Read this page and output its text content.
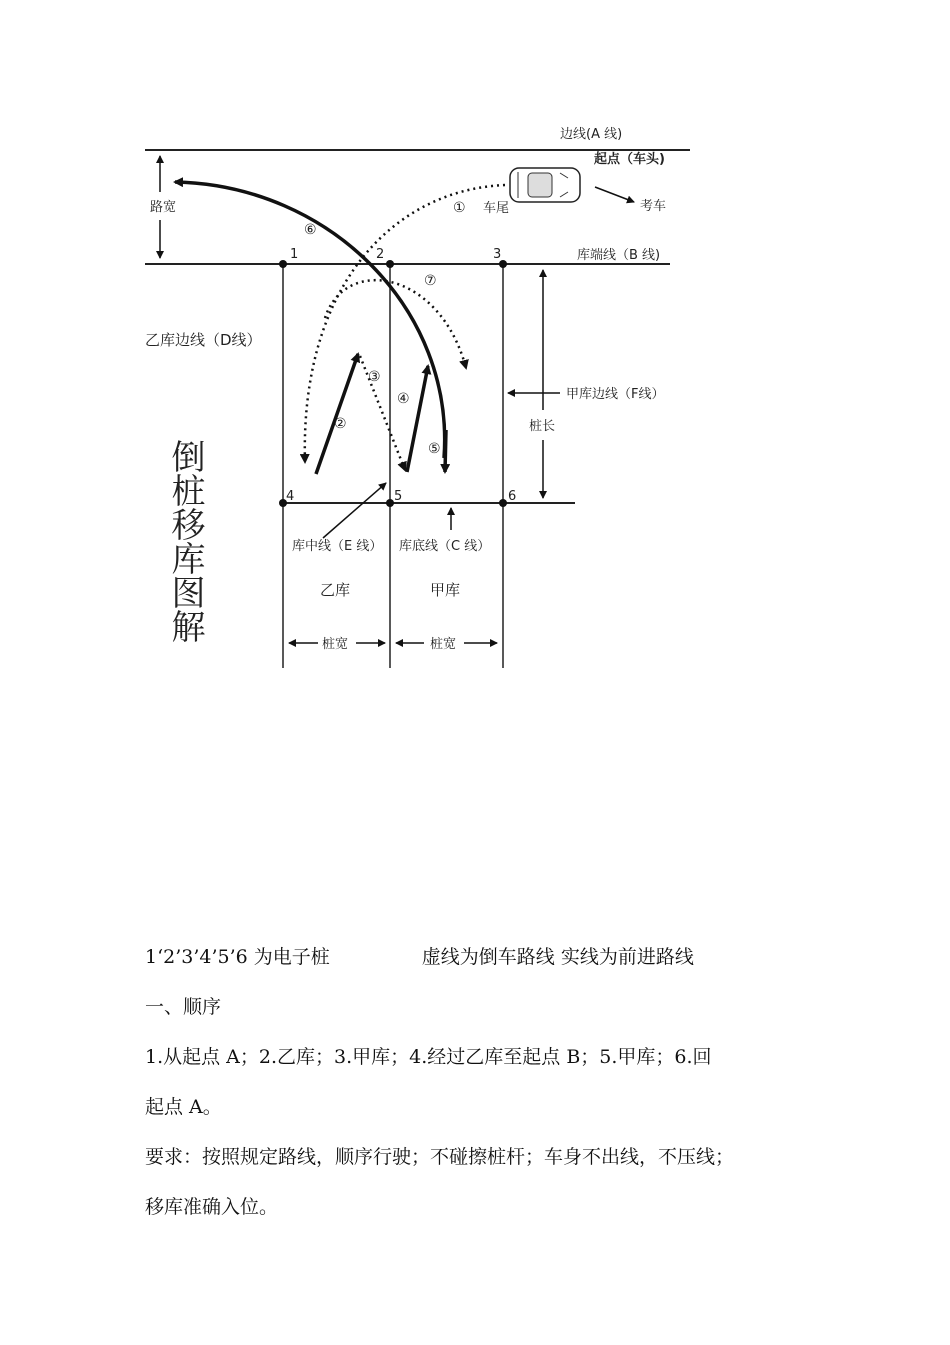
1	2	3
4	5	6
①
②
③
④
⑤
⑥
⑦
边线(A 线)
起点（车头)
考车
车尾
路宽
库端线（B 线)
乙库边线（D线）
甲库边线（F线）
桩长
库中线（E 线） 库底线（C 线）
乙库	甲库
桩宽	桩宽
倒桩移库图解
1‘2’3’4’5’6 为电子桩	虚线为倒车路线 实线为前进路线
一、顺序
1.从起点 A；2.乙库；3.甲库；4.经过乙库至起点 B；5.甲库；6.回
起点 A。
要求：按照规定路线，顺序行驶；不碰擦桩杆；车身不出线，不压线；
移库准确入位。
